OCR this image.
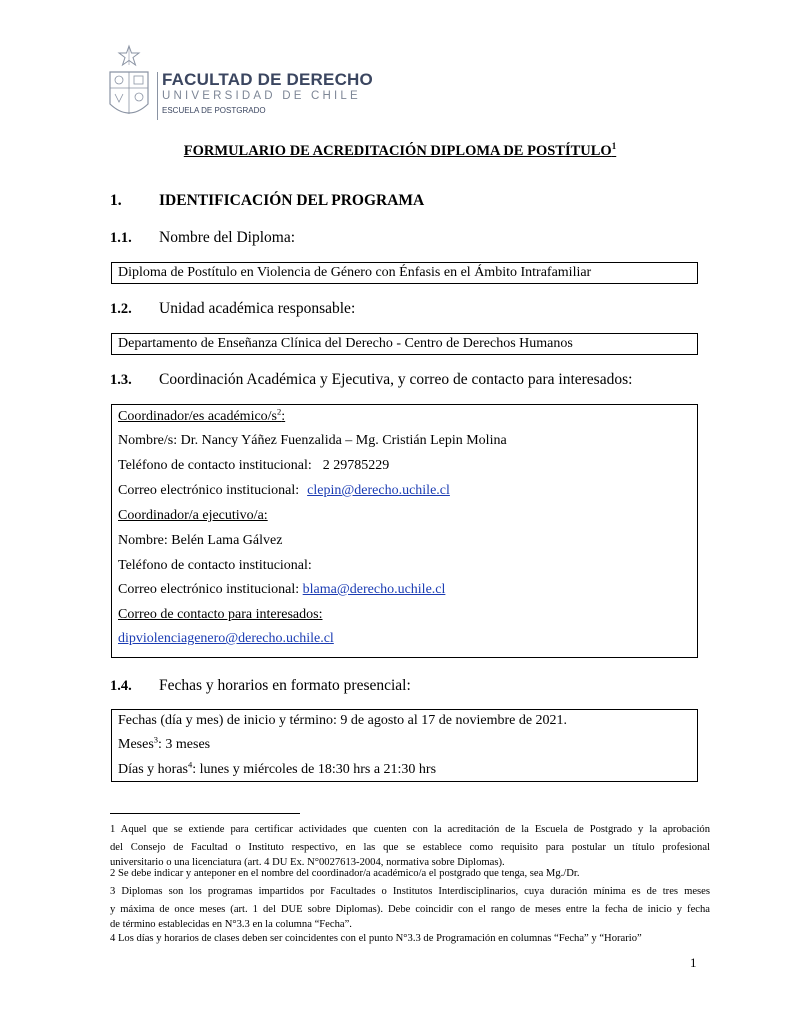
FACULTAD DE DERECHO
UNIVERSIDAD DE CHILE
ESCUELA DE POSTGRADO
FORMULARIO DE ACREDITACIÓN DIPLOMA DE POSTÍTULO$^1$
1. IDENTIFICACIÓN DEL PROGRAMA
1.1. Nombre del Diploma:
Diploma de Postítulo en Violencia de Género con Énfasis en el Ámbito Intrafamiliar
1.2. Unidad académica responsable:
Departamento de Enseñanza Clínica del Derecho - Centro de Derechos Humanos
1.3. Coordinación Académica y Ejecutiva, y correo de contacto para interesados:
Coordinador/es académico/$s^2$:
Nombre/s: Dr. Nancy Yáñez Fuenzalida – Mg. Cristián Lepin Molina
Teléfono de contacto institucional: 2 29785229
Correo electrónico institucional: clepin@derecho.uchile.cl
Coordinador/a ejecutivo/a:
Nombre: Belén Lama Gálvez
Teléfono de contacto institucional:
Correo electrónico institucional: blama@derecho.uchile.cl
Correo de contacto para interesados:
dipviolenciagenero@derecho.uchile.cl
1.4. Fechas y horarios en formato presencial:
Fechas (día y mes) de inicio y término: 9 de agosto al 17 de noviembre de 2021.
Meses$^3$: 3 meses
Días y horas$^4$: lunes y miércoles de 18:30 hrs a 21:30 hrs
1 Aquel que se extiende para certificar actividades que cuenten con la acreditación de la Escuela de Postgrado y la aprobación
del Consejo de Facultad o Instituto respectivo, en las que se establece como requisito para postular un título profesional
universitario o una licenciatura (art. 4 DU Ex. N°0027613-2004, normativa sobre Diplomas).
2 Se debe indicar y anteponer en el nombre del coordinador/a académico/a el postgrado que tenga, sea Mg./Dr.
3 Diplomas son los programas impartidos por Facultades o Institutos Interdisciplinarios, cuya duración mínima es de tres meses
y máxima de once meses (art. 1 del DUE sobre Diplomas). Debe coincidir con el rango de meses entre la fecha de inicio y fecha
de término establecidas en N°3.3 en la columna “Fecha”.
4 Los días y horarios de clases deben ser coincidentes con el punto N°3.3 de Programación en columnas “Fecha” y “Horario”
1
